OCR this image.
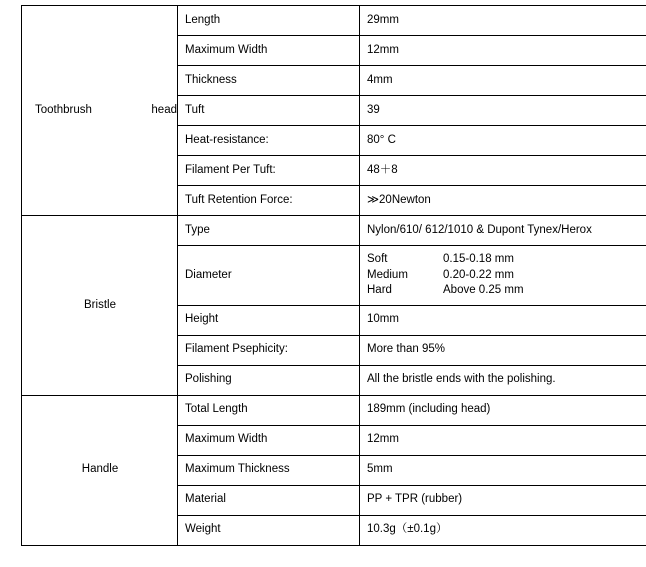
Toothbrush head	Length	29mm
	Maximum Width	12mm
	Thickness	4mm
	Tuft	39
	Heat-resistance:	80° C
	Filament Per Tuft:	48＋8
	Tuft Retention Force:	≫20Newton

Bristle	Type	Nylon/610/ 612/1010 & Dupont Tynex/Herox
	Diameter	Soft 0.15-0.18 mm
Medium 0.20-0.22 mm
Hard Above 0.25 mm

	Height	10mm
	Filament Psephicity:	More than 95%
	Polishing	All the bristle ends with the polishing.

Handle	Total Length	189mm (including head)
	Maximum Width	12mm
	Maximum Thickness	5mm
	Material	PP + TPR (rubber)
	Weight	10.3g（±0.1g）
